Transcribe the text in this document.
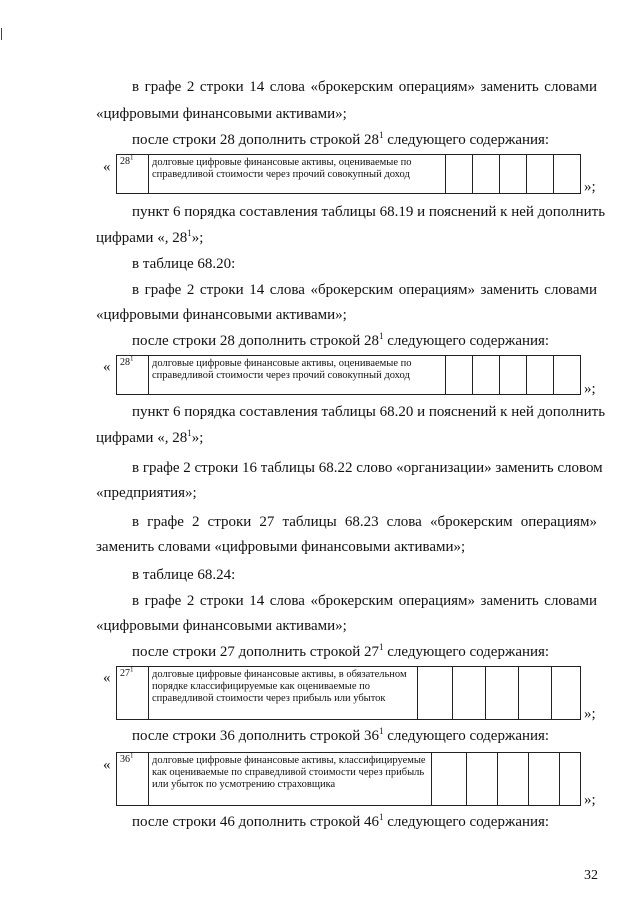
в графе 2 строки 14 слова «брокерским операциям» заменить словами
«цифровыми финансовыми активами»;
после строки 28 дополнить строкой $28^1$ следующего содержания:
« $28^1$	долговые цифровые финансовые активы, оцениваемые по справедливой стоимости через прочий совокупный доход					
»;
пункт 6 порядка составления таблицы 68.19 и пояснений к ней дополнить
цифрами «, $28^1$»;
в таблице 68.20:
в графе 2 строки 14 слова «брокерским операциям» заменить словами
«цифровыми финансовыми активами»;
после строки 28 дополнить строкой $28^1$ следующего содержания:
« $28^1$	долговые цифровые финансовые активы, оцениваемые по справедливой стоимости через прочий совокупный доход					
»;
пункт 6 порядка составления таблицы 68.20 и пояснений к ней дополнить
цифрами «, $28^1$»;
в графе 2 строки 16 таблицы 68.22 слово «организации» заменить словом
«предприятия»;
в графе 2 строки 27 таблицы 68.23 слова «брокерским операциям»
заменить словами «цифровыми финансовыми активами»;
в таблице 68.24:
в графе 2 строки 14 слова «брокерским операциям» заменить словами
«цифровыми финансовыми активами»;
после строки 27 дополнить строкой $27^1$ следующего содержания:
« $27^1$	долговые цифровые финансовые активы, в обязательном порядке классифицируемые как оцениваемые по справедливой стоимости через прибыль или убыток					
»;
после строки 36 дополнить строкой $36^1$ следующего содержания:
« $36^1$	долговые цифровые финансовые активы, классифицируемые как оцениваемые по справедливой стоимости через прибыль или убыток по усмотрению страховщика					
»;
после строки 46 дополнить строкой $46^1$ следующего содержания:
32
